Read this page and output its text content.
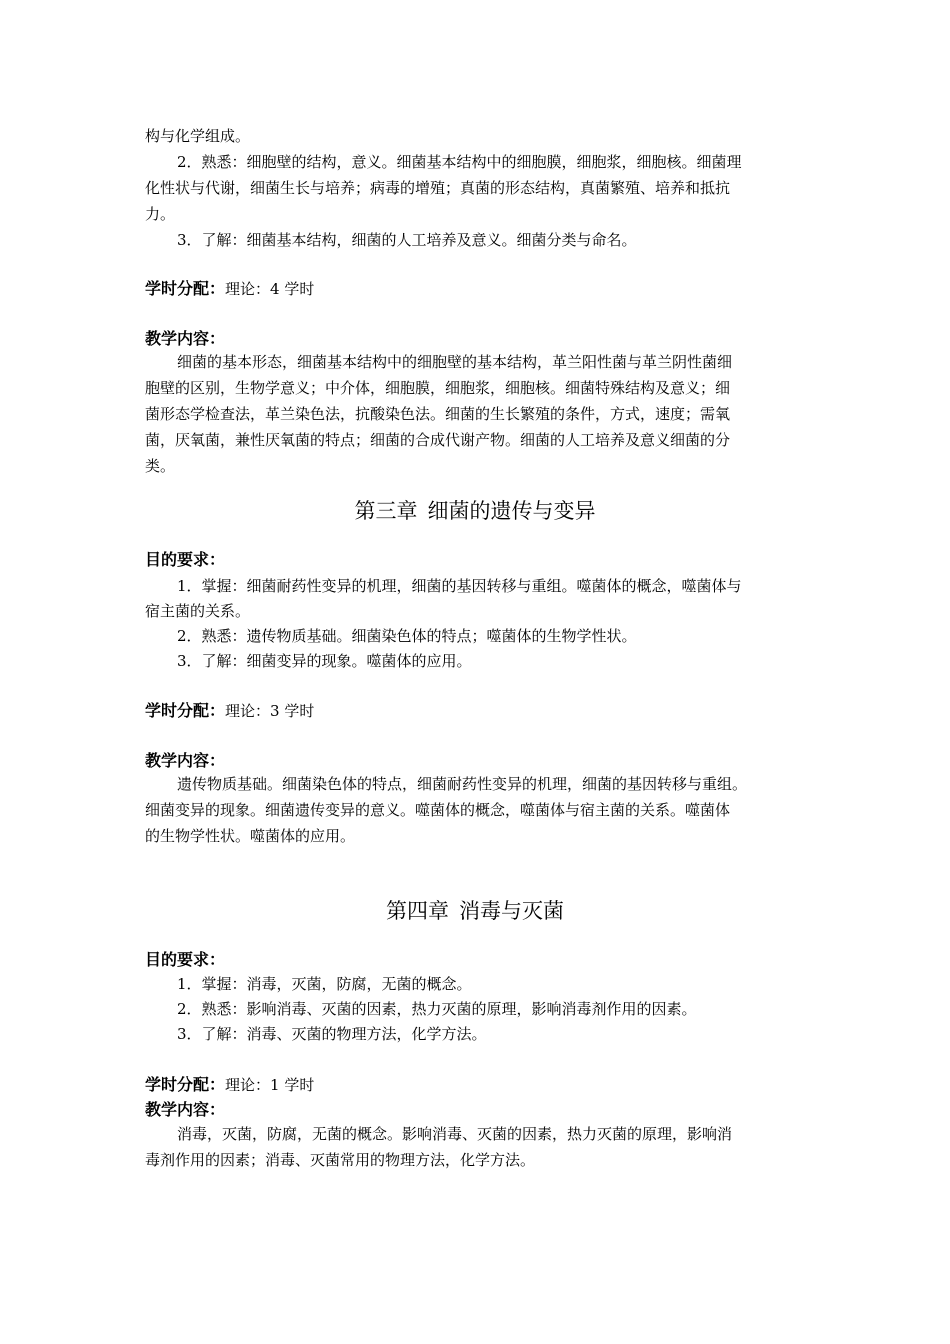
构与化学组成。
2．熟悉：细胞壁的结构，意义。细菌基本结构中的细胞膜，细胞浆，细胞核。细菌理
化性状与代谢，细菌生长与培养；病毒的增殖；真菌的形态结构，真菌繁殖、培养和抵抗
力。
3．了解：细菌基本结构，细菌的人工培养及意义。细菌分类与命名。
学时分配：理论：4 学时
教学内容：
细菌的基本形态，细菌基本结构中的细胞壁的基本结构，革兰阳性菌与革兰阴性菌细
胞壁的区别，生物学意义；中介体，细胞膜，细胞浆，细胞核。细菌特殊结构及意义；细
菌形态学检查法，革兰染色法，抗酸染色法。细菌的生长繁殖的条件，方式，速度；需氧
菌，厌氧菌，兼性厌氧菌的特点；细菌的合成代谢产物。细菌的人工培养及意义细菌的分
类。
第三章 细菌的遗传与变异
目的要求：
1．掌握：细菌耐药性变异的机理，细菌的基因转移与重组。噬菌体的概念，噬菌体与
宿主菌的关系。
2．熟悉：遗传物质基础。细菌染色体的特点；噬菌体的生物学性状。
3．了解：细菌变异的现象。噬菌体的应用。
学时分配：理论：3 学时
教学内容：
遗传物质基础。细菌染色体的特点，细菌耐药性变异的机理，细菌的基因转移与重组。
细菌变异的现象。细菌遗传变异的意义。噬菌体的概念，噬菌体与宿主菌的关系。噬菌体
的生物学性状。噬菌体的应用。
第四章 消毒与灭菌
目的要求：
1．掌握：消毒，灭菌，防腐，无菌的概念。
2．熟悉：影响消毒、灭菌的因素，热力灭菌的原理，影响消毒剂作用的因素。
3．了解：消毒、灭菌的物理方法，化学方法。
学时分配：理论：1 学时
教学内容：
消毒，灭菌，防腐，无菌的概念。影响消毒、灭菌的因素，热力灭菌的原理，影响消
毒剂作用的因素；消毒、灭菌常用的物理方法，化学方法。
